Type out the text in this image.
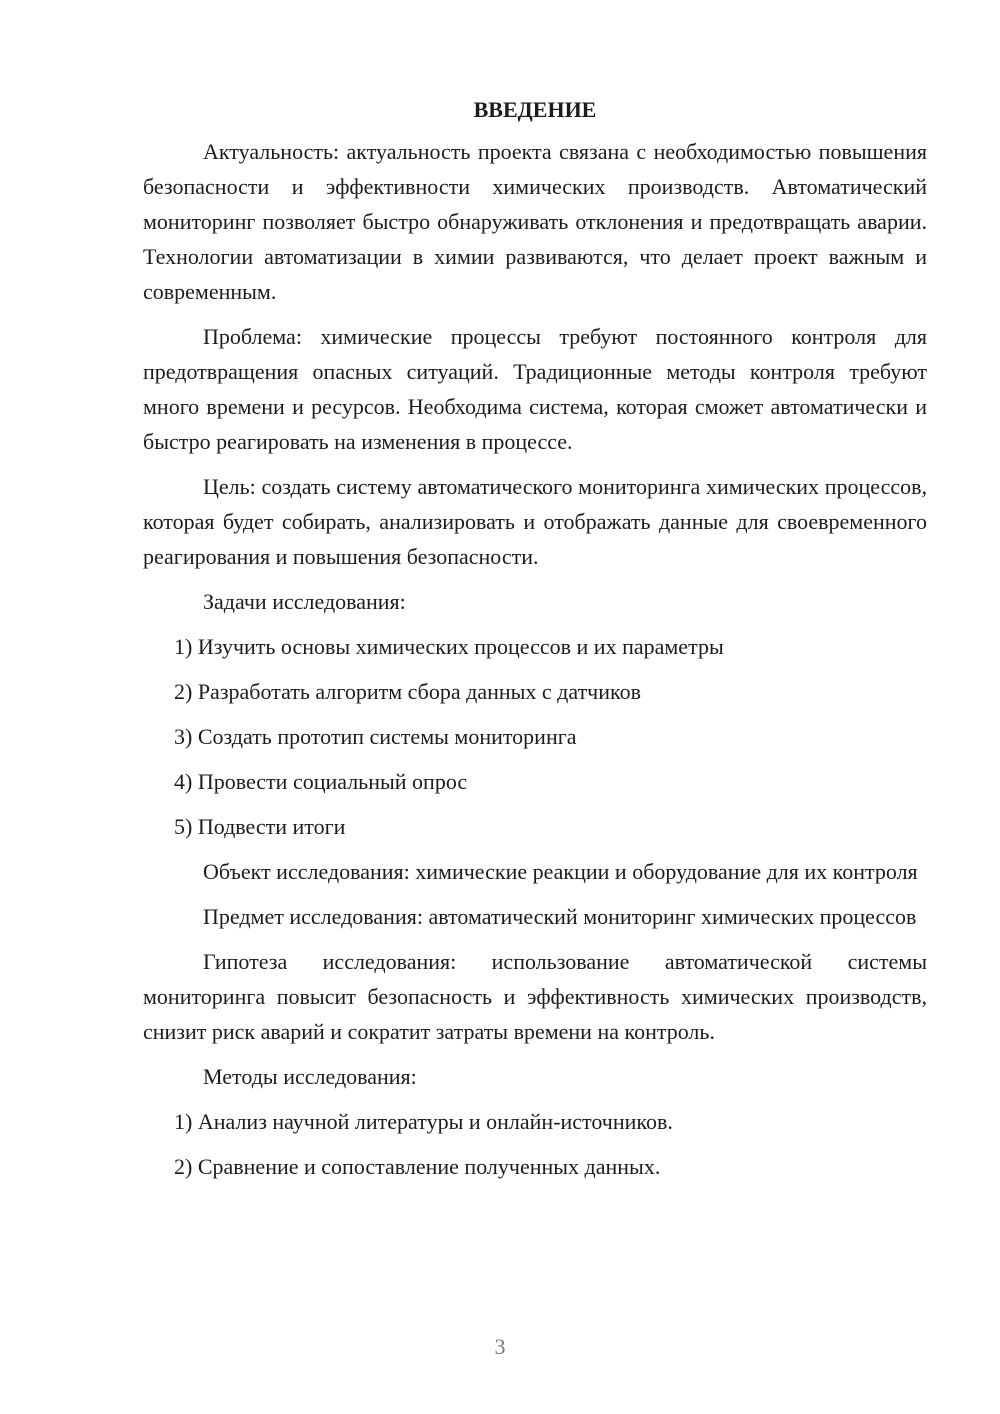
ВВЕДЕНИЕ

Актуальность: актуальность проекта связана с необходимостью повышения безопасности и эффективности химических производств. Автоматический мониторинг позволяет быстро обнаруживать отклонения и предотвращать аварии. Технологии автоматизации в химии развиваются, что делает проект важным и современным.

Проблема: химические процессы требуют постоянного контроля для предотвращения опасных ситуаций. Традиционные методы контроля требуют много времени и ресурсов. Необходима система, которая сможет автоматически и быстро реагировать на изменения в процессе.

Цель: создать систему автоматического мониторинга химических процессов, которая будет собирать, анализировать и отображать данные для своевременного реагирования и повышения безопасности.

Задачи исследования:
1) Изучить основы химических процессов и их параметры
2) Разработать алгоритм сбора данных с датчиков
3) Создать прототип системы мониторинга
4) Провести социальный опрос
5) Подвести итоги

Объект исследования: химические реакции и оборудование для их контроля

Предмет исследования: автоматический мониторинг химических процессов

Гипотеза исследования: использование автоматической системы мониторинга повысит безопасность и эффективность химических производств, снизит риск аварий и сократит затраты времени на контроль.

Методы исследования:
1) Анализ научной литературы и онлайн-источников.
2) Сравнение и сопоставление полученных данных.
3
